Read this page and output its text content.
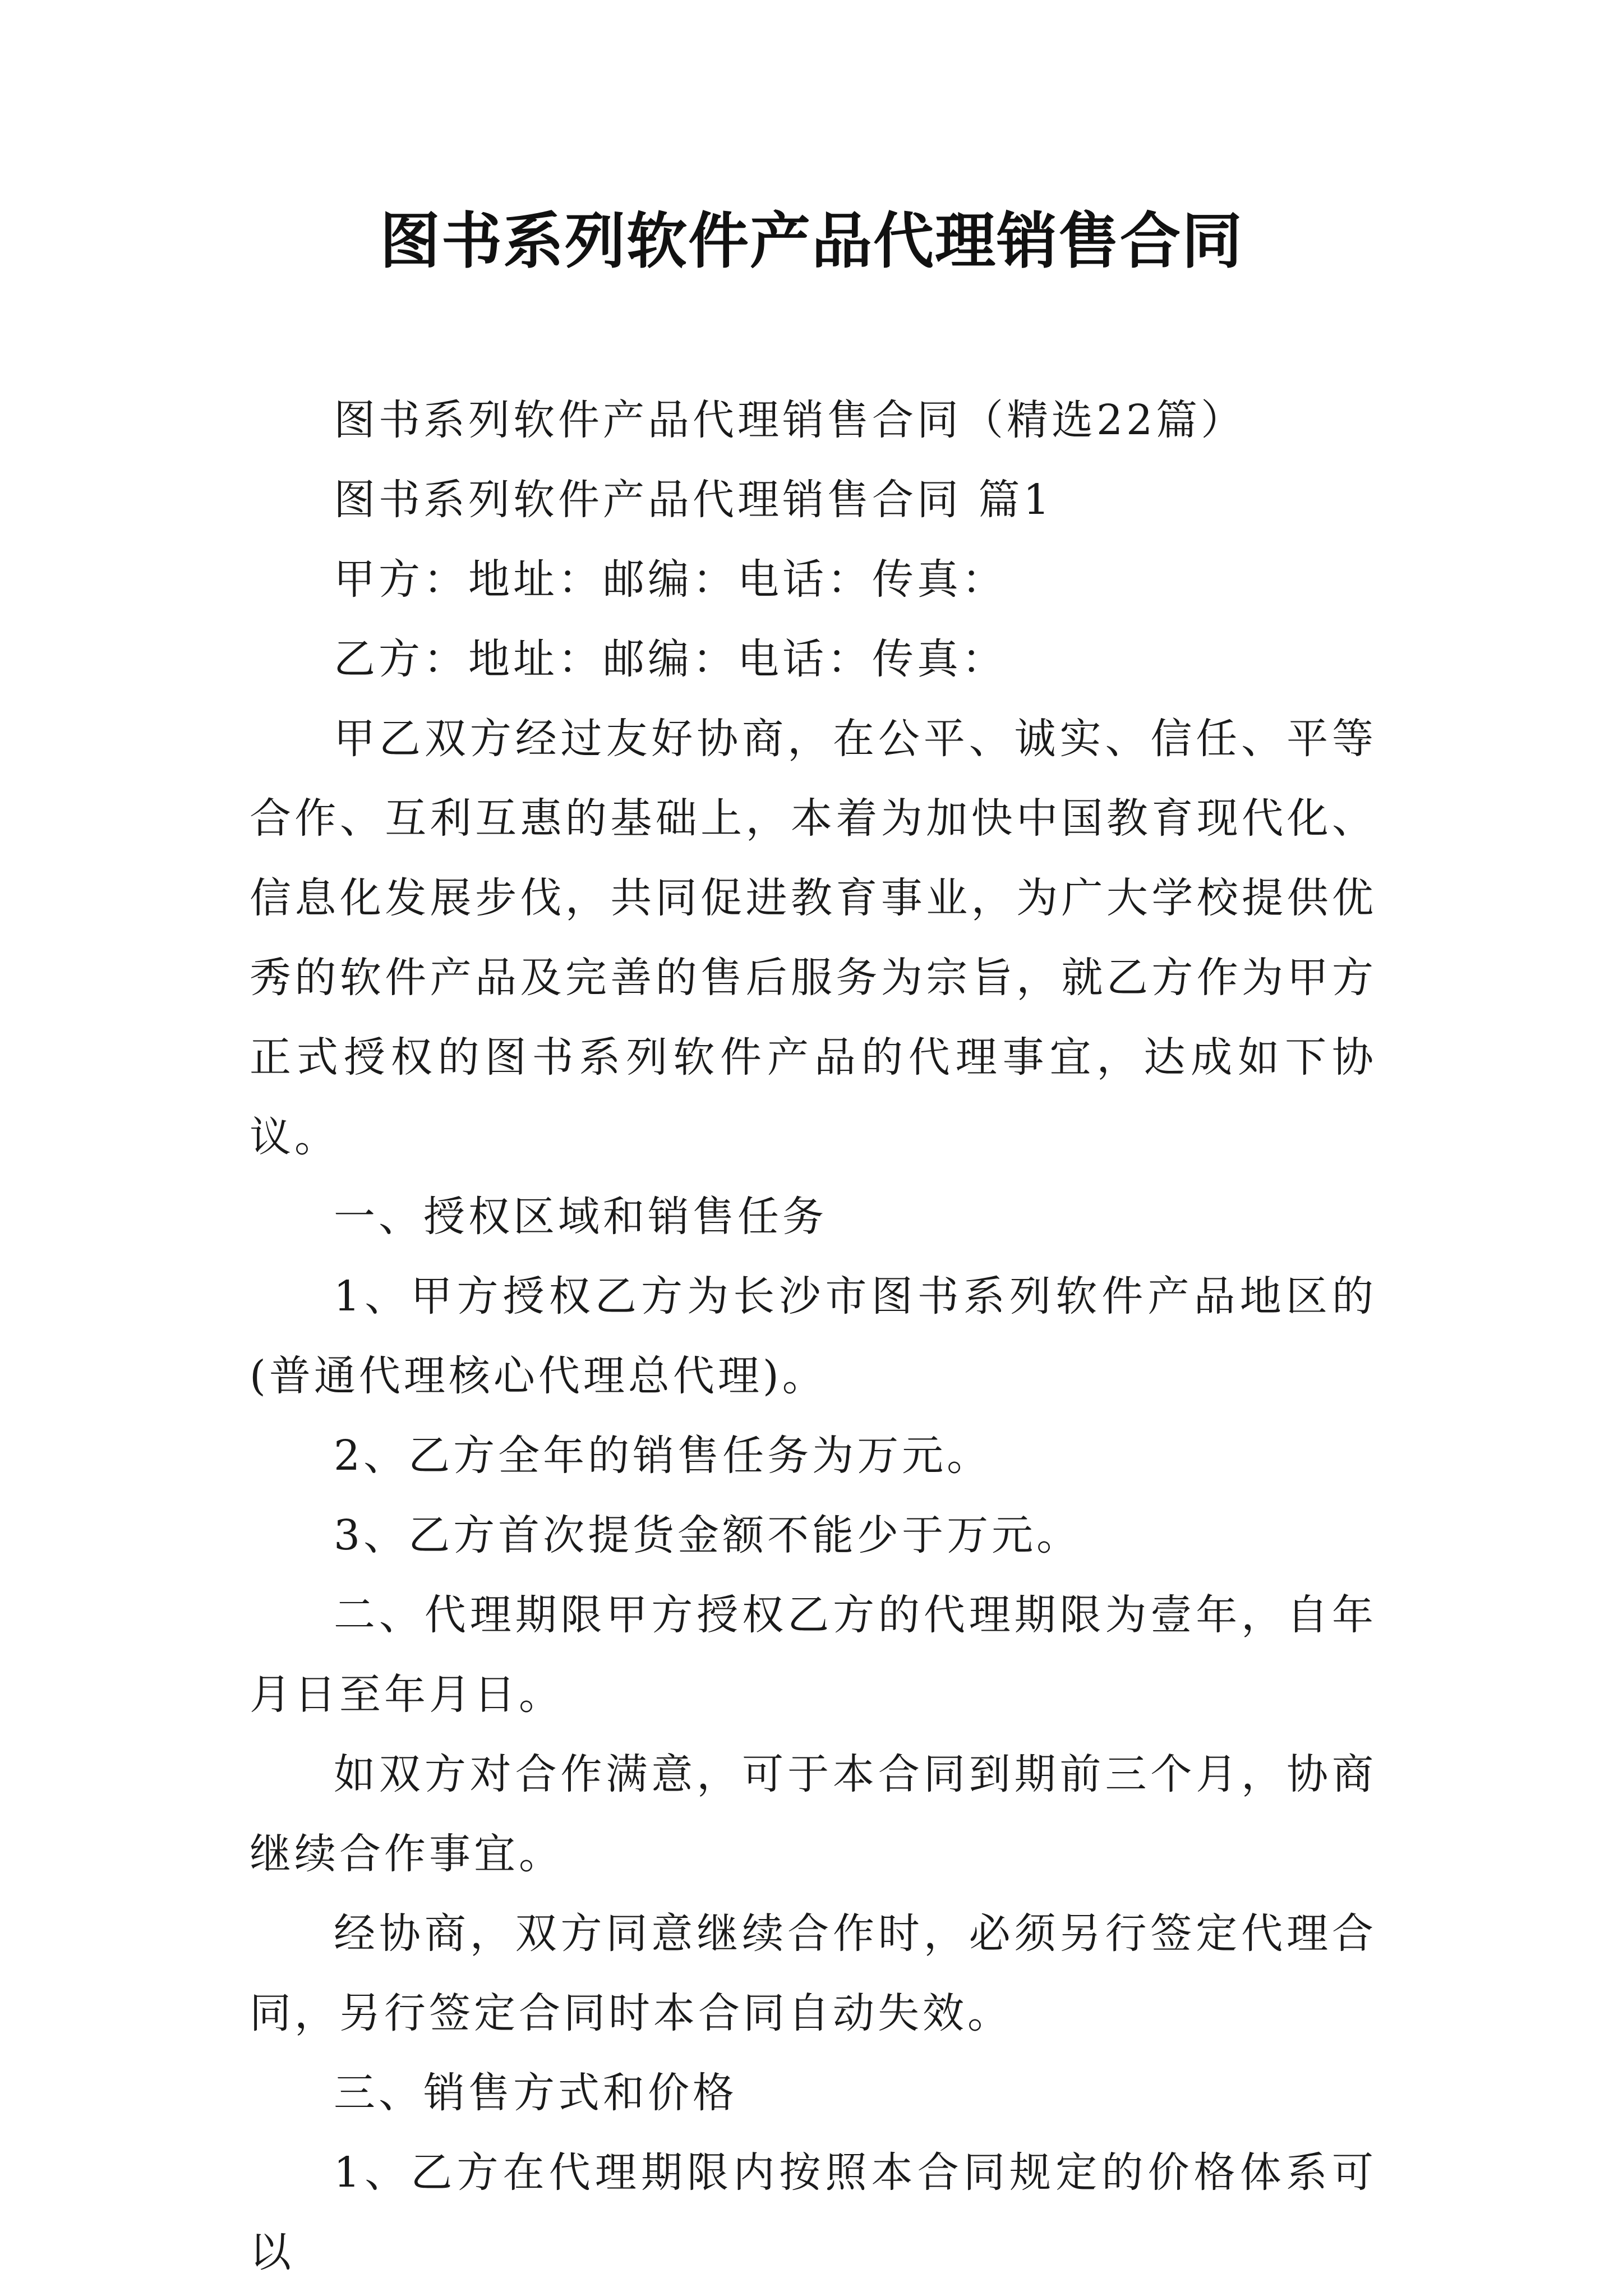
图书系列软件产品代理销售合同

图书系列软件产品代理销售合同（精选22篇）

图书系列软件产品代理销售合同 篇1

甲方：地址：邮编：电话：传真：

乙方：地址：邮编：电话：传真：

甲乙双方经过友好协商，在公平、诚实、信任、平等合作、互利互惠的基础上，本着为加快中国教育现代化、信息化发展步伐，共同促进教育事业，为广大学校提供优秀的软件产品及完善的售后服务为宗旨，就乙方作为甲方正式授权的图书系列软件产品的代理事宜，达成如下协议。

一、授权区域和销售任务

1、甲方授权乙方为长沙市图书系列软件产品地区的(普通代理核心代理总代理)。

2、乙方全年的销售任务为万元。

3、乙方首次提货金额不能少于万元。

二、代理期限甲方授权乙方的代理期限为壹年，自年月日至年月日。

如双方对合作满意，可于本合同到期前三个月，协商继续合作事宜。

经协商，双方同意继续合作时，必须另行签定代理合同，另行签定合同时本合同自动失效。

三、销售方式和价格

1、乙方在代理期限内按照本合同规定的价格体系可以
